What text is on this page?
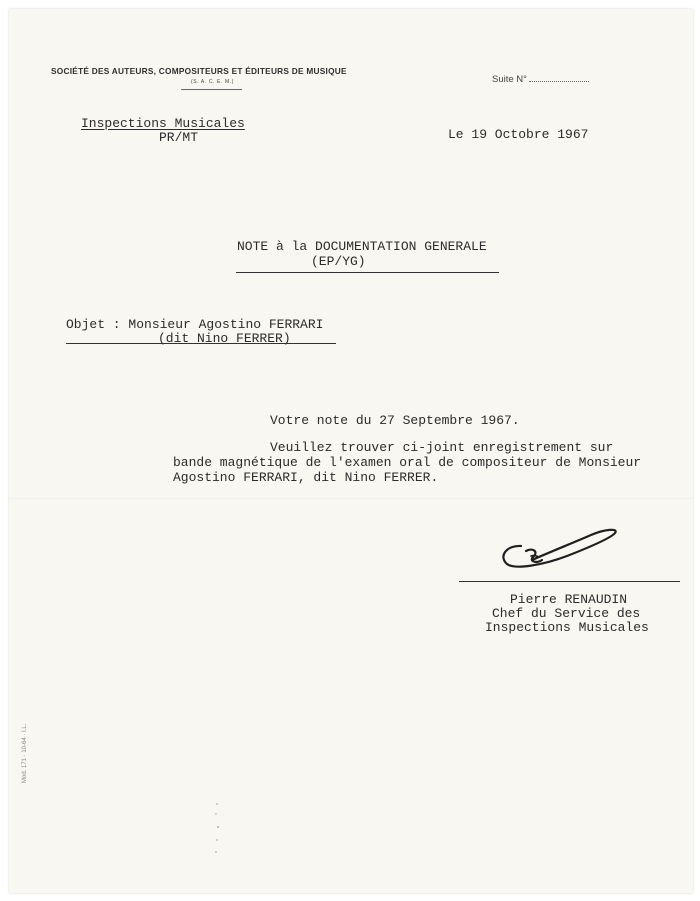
SOCIÉTÉ DES AUTEURS, COMPOSITEURS ET ÉDITEURS DE MUSIQUE
(S. A. C. E. M.)	Suite N°
Inspections Musicales
PR/MT	Le 19 Octobre 1967
NOTE à la DOCUMENTATION GENERALE
(EP/YG)
Objet : Monsieur Agostino FERRARI
(dit Nino FERRER)
Votre note du 27 Septembre 1967.
Veuillez trouver ci-joint enregistrement sur
bande magnétique de l'examen oral de compositeur de Monsieur
Agostino FERRARI, dit Nino FERRER.
Pierre RENAUDIN
Chef du Service des
Inspections Musicales
Mod. 171 · 10-64 · I.L.
